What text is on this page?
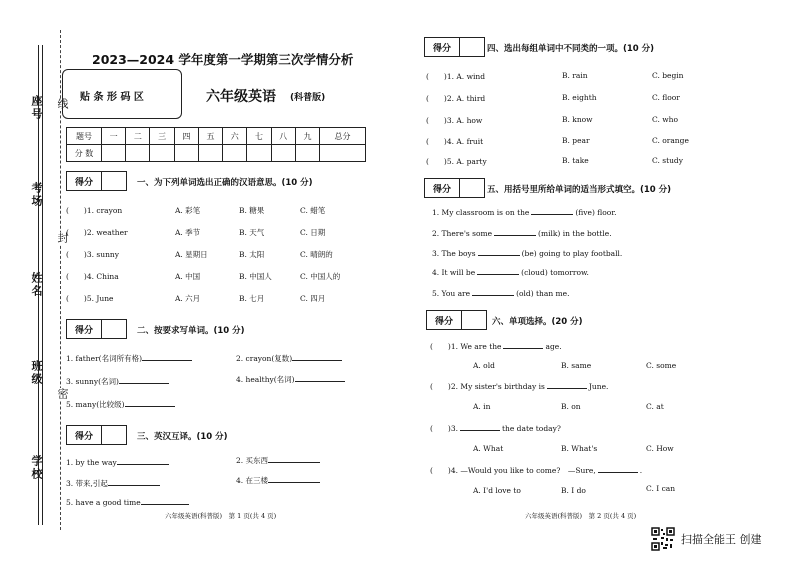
座号
考场
姓名
班级
学校
线
封
密
2023—2024 学年度第一学期第三次学情分析
贴 条 形 码 区	六年级英语 (科普版)
题号	一	二	三	四	五	六	七	八	九	总分
分 数										
得分	一、为下列单词选出正确的汉语意思。(10 分)
(　　)1. crayon	A. 彩笔	B. 糖果	C. 蜡笔
(　　)2. weather	A. 季节	B. 天气	C. 日期
(　　)3. sunny	A. 星期日	B. 太阳	C. 晴朗的
(　　)4. China	A. 中国	B. 中国人	C. 中国人的
(　　)5. June	A. 六月	B. 七月	C. 四月
得分	二、按要求写单词。(10 分)
1. father(名词所有格)	2. crayon(复数)
3. sunny(名词)	4. healthy(名词)
5. many(比较级)
得分	三、英汉互译。(10 分)
1. by the way	2. 买东西
3. 带来,引起	4. 在三楼
5. have a good time
六年级英语(科普版)　第 1 页(共 4 页)
得分	四、选出每组单词中不同类的一项。(10 分)
(　　)1. A. wind	B. rain	C. begin
(　　)2. A. third	B. eighth	C. floor
(　　)3. A. how	B. know	C. who
(　　)4. A. fruit	B. pear	C. orange
(　　)5. A. party	B. take	C. study
得分	五、用括号里所给单词的适当形式填空。(10 分)
1. My classroom is on the	(five) floor.
2. There's some	(milk) in the bottle.
3. The boys	(be) going to play football.
4. It will be	(cloud) tomorrow.
5. You are	(old) than me.
得分	六、单项选择。(20 分)
(　　)1. We are the	age.
A. old	B. same	C. some
(　　)2. My sister's birthday is	June.
A. in	B. on	C. at
(　　)3.	the date today?
A. What	B. What's	C. How
(　　)4. —Would you like to come?　—Sure,	.
A. I'd love to	B. I do	C. I can
六年级英语(科普版)　第 2 页(共 4 页)
扫描全能王 创建
